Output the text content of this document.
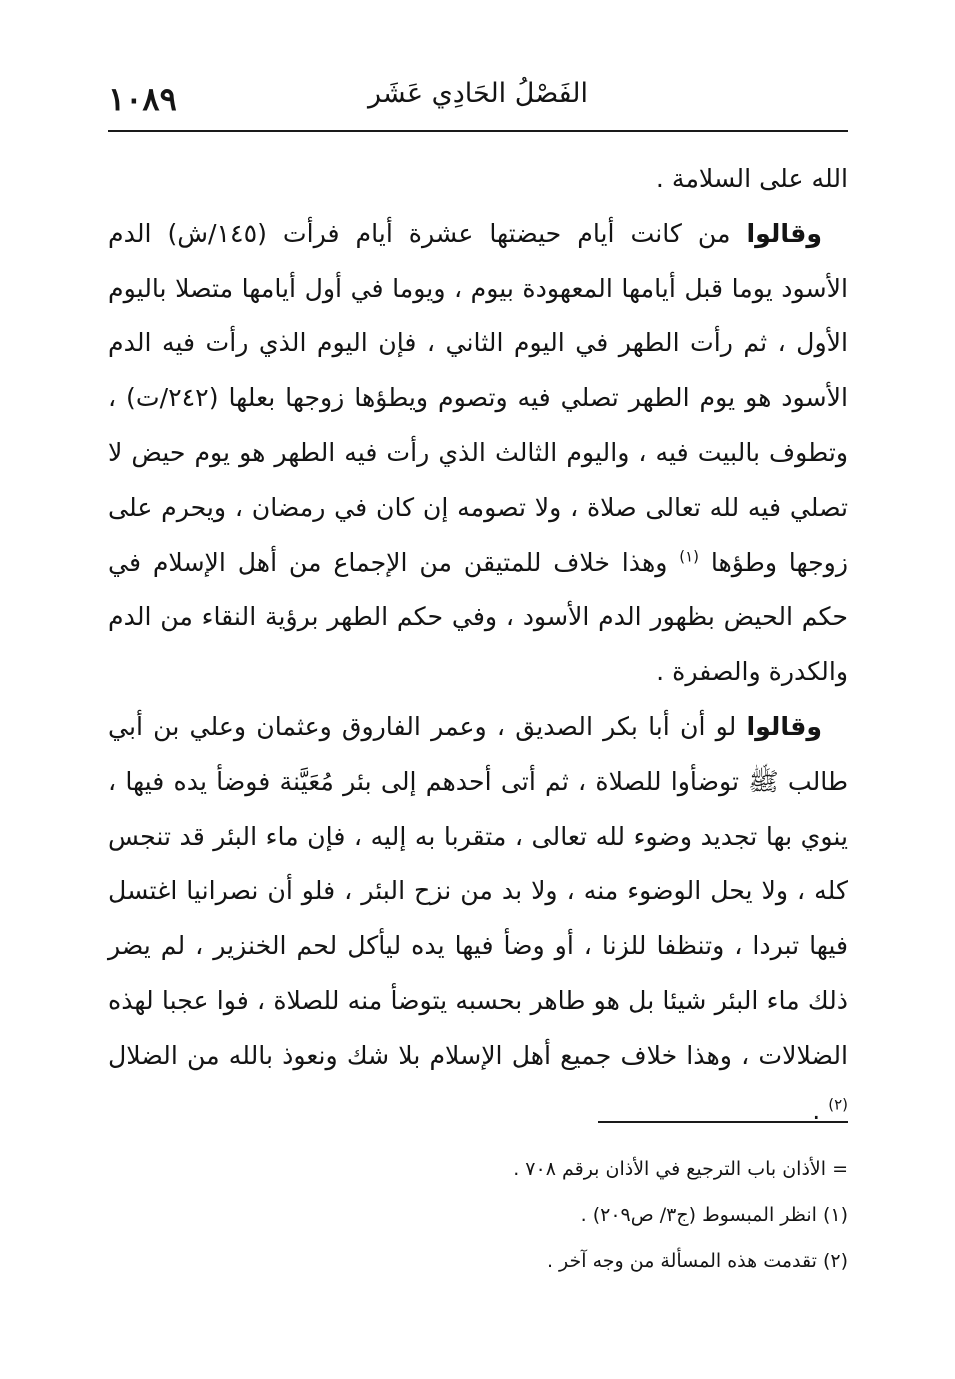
١٠٨٩	الفَصْلُ الحَادِي عَشَر

الله على السلامة .

وقالوا من كانت أيام حيضتها عشرة أيام فرأت (١٤٥/ش) الدم الأسود يوما قبل أيامها المعهودة بيوم ، ويوما في أول أيامها متصلا باليوم الأول ، ثم رأت الطهر في اليوم الثاني ، فإن اليوم الذي رأت فيه الدم الأسود هو يوم الطهر تصلي فيه وتصوم ويطؤها زوجها بعلها (٢٤٢/ت) ، وتطوف بالبيت فيه ، واليوم الثالث الذي رأت فيه الطهر هو يوم حيض لا تصلي فيه لله تعالى صلاة ، ولا تصومه إن كان في رمضان ، ويحرم على زوجها وطؤها $^{(١)}$ وهذا خلاف للمتيقن من الإجماع من أهل الإسلام في حكم الحيض بظهور الدم الأسود ، وفي حكم الطهر برؤية النقاء من الدم والكدرة والصفرة .

وقالوا لو أن أبا بكر الصديق ، وعمر الفاروق وعثمان وعلي بن أبي طالب ﷺ توضأوا للصلاة ، ثم أتى أحدهم إلى بئر مُعَيَّنة فوضأ يده فيها ، ينوي بها تجديد وضوء لله تعالى ، متقربا به إليه ، فإن ماء البئر قد تنجس كله ، ولا يحل الوضوء منه ، ولا بد من نزح البئر ، فلو أن نصرانيا اغتسل فيها تبردا ، وتنظفا للزنا ، أو وضأ فيها يده ليأكل لحم الخنزير ، لم يضر ذلك ماء البئر شيئا بل هو طاهر بحسبه يتوضأ منه للصلاة ، فوا عجبا لهذه الضلالات ، وهذا خلاف جميع أهل الإسلام بلا شك ونعوذ بالله من الضلال $^{(٢)}$ .

= الأذان باب الترجيع في الأذان برقم ٧٠٨ .

(١) انظر المبسوط (ج٣/ ص٢٠٩) .

(٢) تقدمت هذه المسألة من وجه آخر .
